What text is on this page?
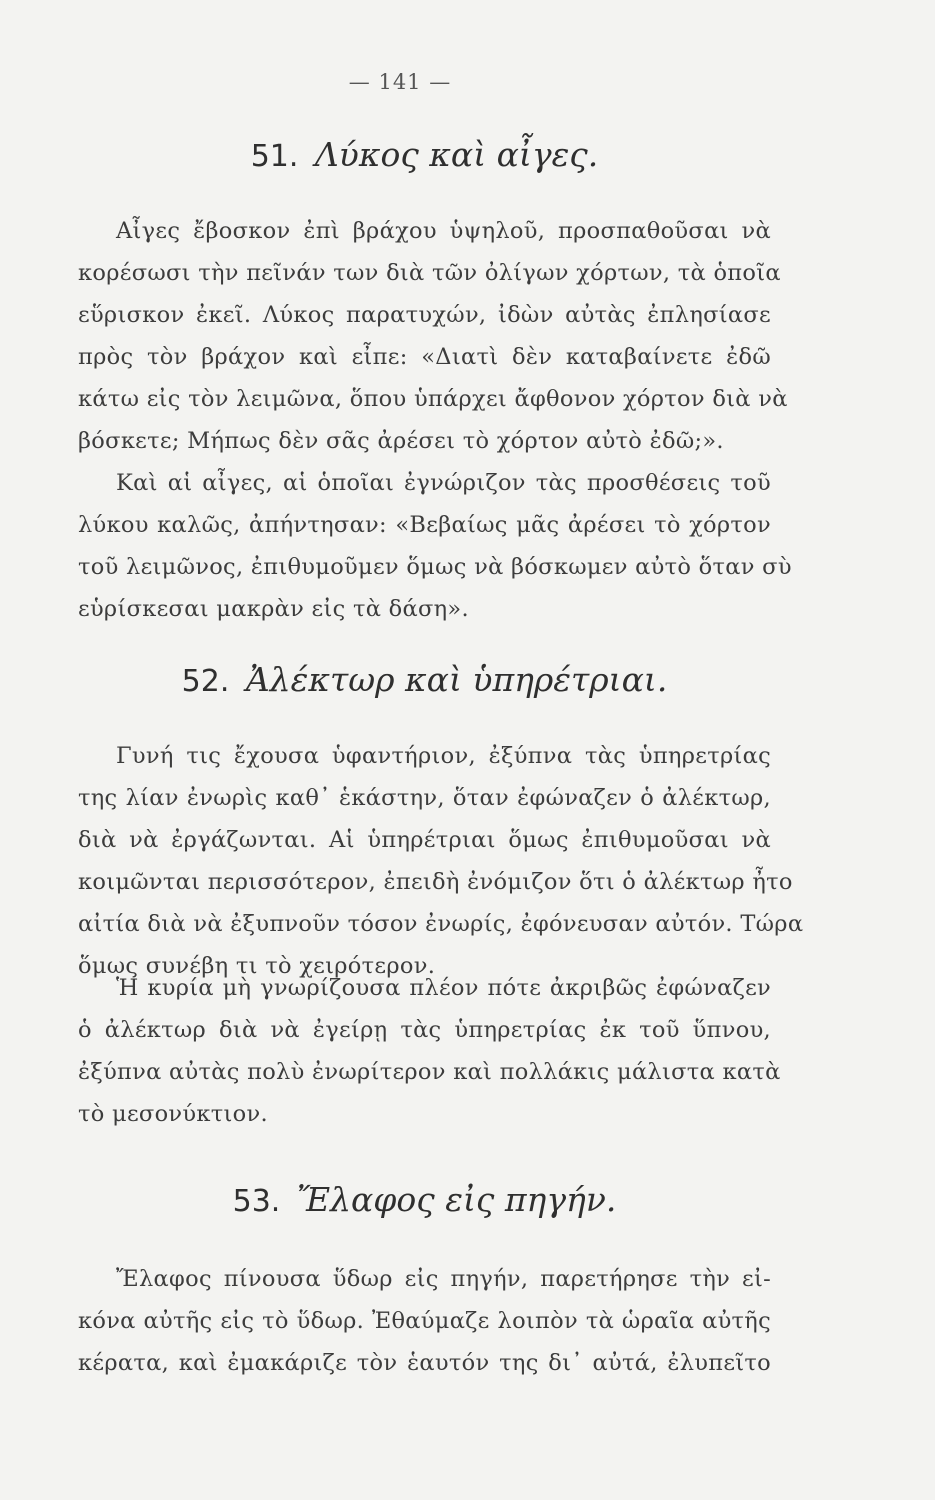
— 141 —
51. Λύκος καὶ αἶγες.
Αἶγες ἔβοσκον ἐπὶ βράχου ὑψηλοῦ, προσπαθοῦσαι νὰ
κορέσωσι τὴν πεῖνάν των διὰ τῶν ὀλίγων χόρτων, τὰ ὁποῖα
εὕρισκον ἐκεῖ. Λύκος παρατυχών, ἰδὼν αὐτὰς ἐπλησίασε
πρὸς τὸν βράχον καὶ εἶπε: «Διατὶ δὲν καταβαίνετε ἐδῶ
κάτω εἰς τὸν λειμῶνα, ὅπου ὑπάρχει ἄφθονον χόρτον διὰ νὰ
βόσκετε; Μήπως δὲν σᾶς ἀρέσει τὸ χόρτον αὐτὸ ἐδῶ;».
Καὶ αἱ αἶγες, αἱ ὁποῖαι ἐγνώριζον τὰς προσθέσεις τοῦ
λύκου καλῶς, ἀπήντησαν: «Βεβαίως μᾶς ἀρέσει τὸ χόρτον
τοῦ λειμῶνος, ἐπιθυμοῦμεν ὅμως νὰ βόσκωμεν αὐτὸ ὅταν σὺ
εὑρίσκεσαι μακρὰν εἰς τὰ δάση».
52. Ἀλέκτωρ καὶ ὑπηρέτριαι.
Γυνή τις ἔχουσα ὑφαντήριον, ἐξύπνα τὰς ὑπηρετρίας
της λίαν ἐνωρὶς καθ᾽ ἑκάστην, ὅταν ἐφώναζεν ὁ ἀλέκτωρ,
διὰ νὰ ἐργάζωνται. Αἱ ὑπηρέτριαι ὅμως ἐπιθυμοῦσαι νὰ
κοιμῶνται περισσότερον, ἐπειδὴ ἐνόμιζον ὅτι ὁ ἀλέκτωρ ἦτο
αἰτία διὰ νὰ ἐξυπνοῦν τόσον ἐνωρίς, ἐφόνευσαν αὐτόν. Τώρα
ὅμως συνέβη τι τὸ χειρότερον.
Ἡ κυρία μὴ γνωρίζουσα πλέον πότε ἀκριβῶς ἐφώναζεν
ὁ ἀλέκτωρ διὰ νὰ ἐγείρῃ τὰς ὑπηρετρίας ἐκ τοῦ ὕπνου,
ἐξύπνα αὐτὰς πολὺ ἐνωρίτερον καὶ πολλάκις μάλιστα κατὰ
τὸ μεσονύκτιον.
53. Ἔλαφος εἰς πηγήν.
Ἔλαφος πίνουσα ὕδωρ εἰς πηγήν, παρετήρησε τὴν εἰ-
κόνα αὐτῆς εἰς τὸ ὕδωρ. Ἐθαύμαζε λοιπὸν τὰ ὡραῖα αὐτῆς
κέρατα, καὶ ἐμακάριζε τὸν ἑαυτόν της δι᾽ αὐτά, ἐλυπεῖτο
